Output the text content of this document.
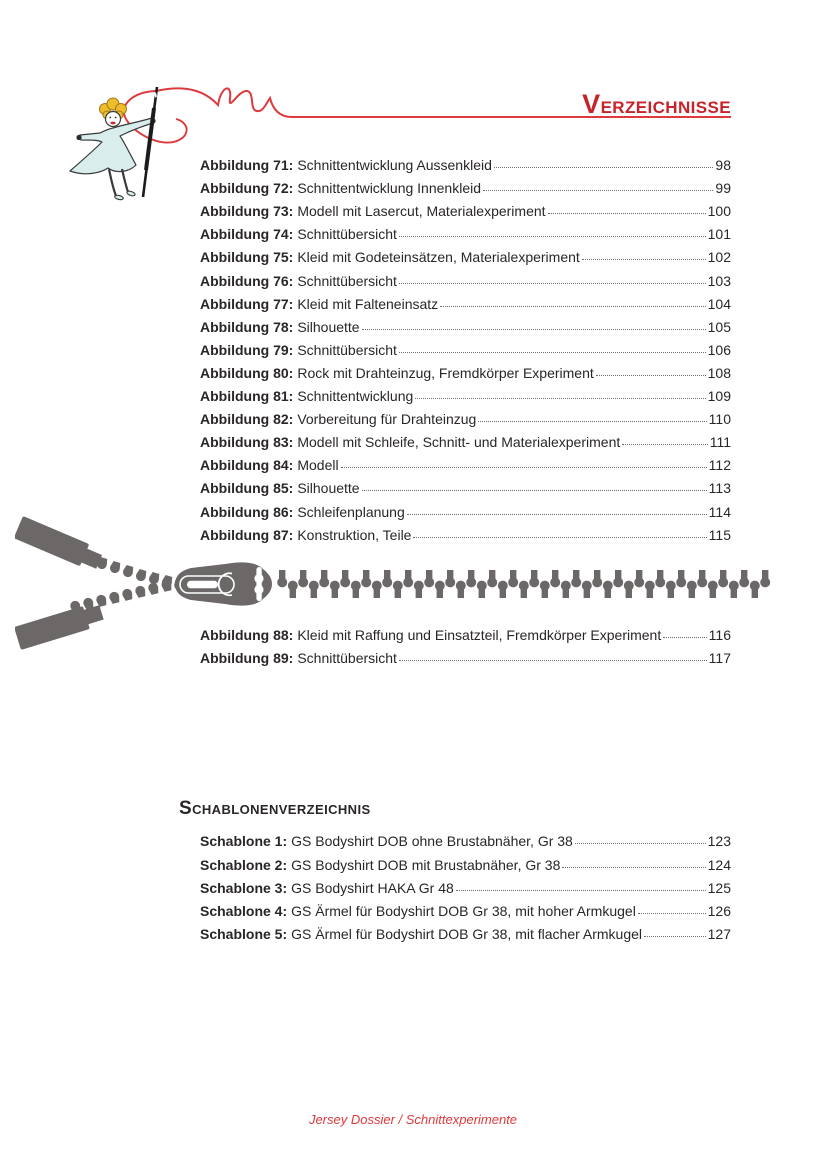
VERZEICHNISSE
Abbildung 71: Schnittentwicklung Aussenkleid	98
Abbildung 72: Schnittentwicklung Innenkleid	99
Abbildung 73: Modell mit Lasercut, Materialexperiment	100
Abbildung 74: Schnittübersicht	101
Abbildung 75: Kleid mit Godeteinsätzen, Materialexperiment	102
Abbildung 76: Schnittübersicht	103
Abbildung 77: Kleid mit Falteneinsatz	104
Abbildung 78: Silhouette	105
Abbildung 79: Schnittübersicht	106
Abbildung 80: Rock mit Drahteinzug, Fremdkörper Experiment	108
Abbildung 81: Schnittentwicklung	109
Abbildung 82: Vorbereitung für Drahteinzug	110
Abbildung 83: Modell mit Schleife, Schnitt- und Materialexperiment	111
Abbildung 84: Modell	112
Abbildung 85: Silhouette	113
Abbildung 86: Schleifenplanung	114
Abbildung 87: Konstruktion, Teile	115
Abbildung 88: Kleid mit Raffung und Einsatzteil, Fremdkörper Experiment	116
Abbildung 89: Schnittübersicht	117
SCHABLONENVERZEICHNIS
Schablone 1: GS Bodyshirt DOB ohne Brustabnäher, Gr 38	123
Schablone 2: GS Bodyshirt DOB mit Brustabnäher, Gr 38	124
Schablone 3: GS Bodyshirt HAKA Gr 48	125
Schablone 4: GS Ärmel für Bodyshirt DOB Gr 38, mit hoher Armkugel	126
Schablone 5: GS Ärmel für Bodyshirt DOB Gr 38, mit flacher Armkugel	127
Jersey Dossier / Schnittexperimente
